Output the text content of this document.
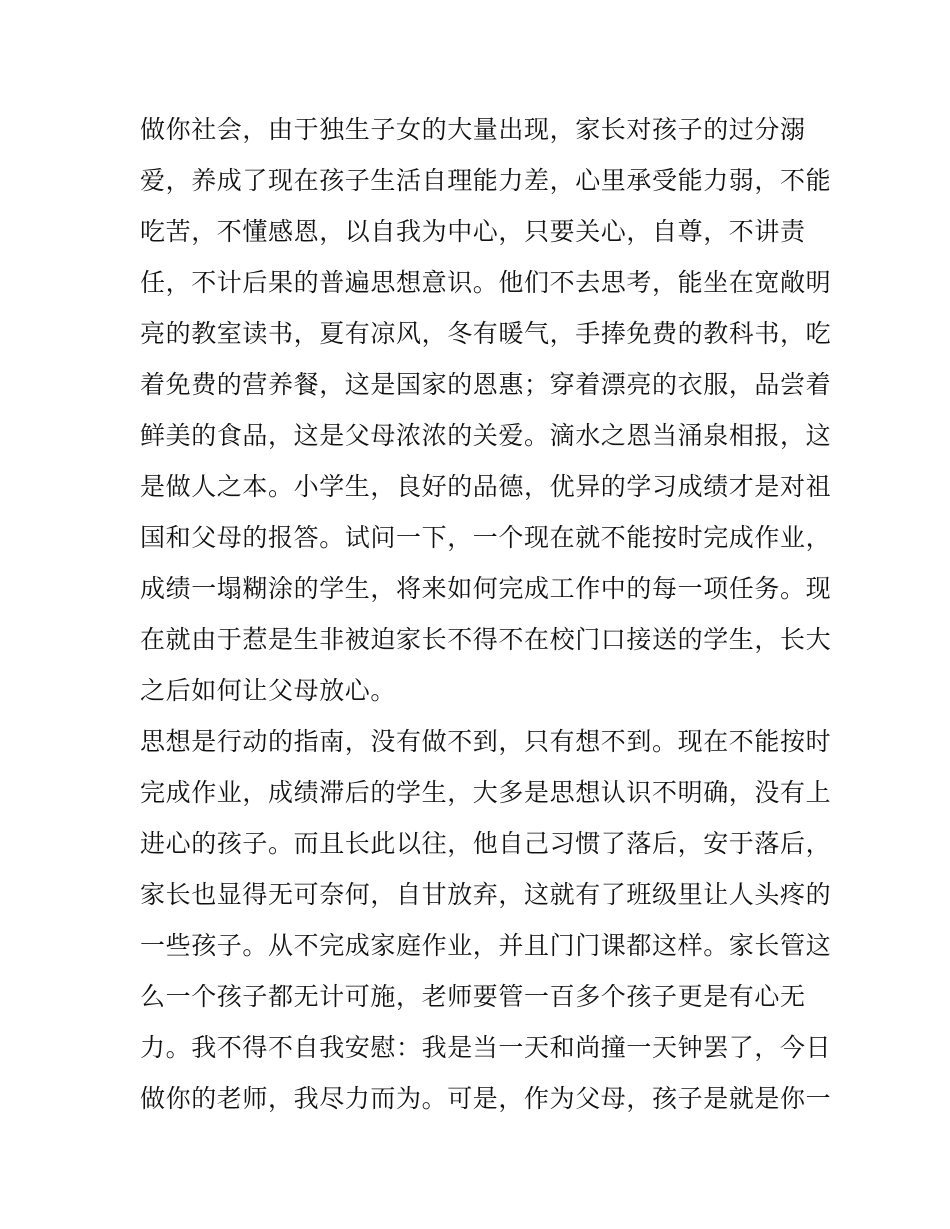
做你社会，由于独生子女的大量出现，家长对孩子的过分溺
爱，养成了现在孩子生活自理能力差，心里承受能力弱，不能
吃苦，不懂感恩，以自我为中心，只要关心，自尊，不讲责
任，不计后果的普遍思想意识。他们不去思考，能坐在宽敞明
亮的教室读书，夏有凉风，冬有暖气，手捧免费的教科书，吃
着免费的营养餐，这是国家的恩惠；穿着漂亮的衣服，品尝着
鲜美的食品，这是父母浓浓的关爱。滴水之恩当涌泉相报，这
是做人之本。小学生，良好的品德，优异的学习成绩才是对祖
国和父母的报答。试问一下，一个现在就不能按时完成作业，
成绩一塌糊涂的学生，将来如何完成工作中的每一项任务。现
在就由于惹是生非被迫家长不得不在校门口接送的学生，长大
之后如何让父母放心。
思想是行动的指南，没有做不到，只有想不到。现在不能按时
完成作业，成绩滞后的学生，大多是思想认识不明确，没有上
进心的孩子。而且长此以往，他自己习惯了落后，安于落后，
家长也显得无可奈何，自甘放弃，这就有了班级里让人头疼的
一些孩子。从不完成家庭作业，并且门门课都这样。家长管这
么一个孩子都无计可施，老师要管一百多个孩子更是有心无
力。我不得不自我安慰：我是当一天和尚撞一天钟罢了，今日
做你的老师，我尽力而为。可是，作为父母，孩子是就是你一
